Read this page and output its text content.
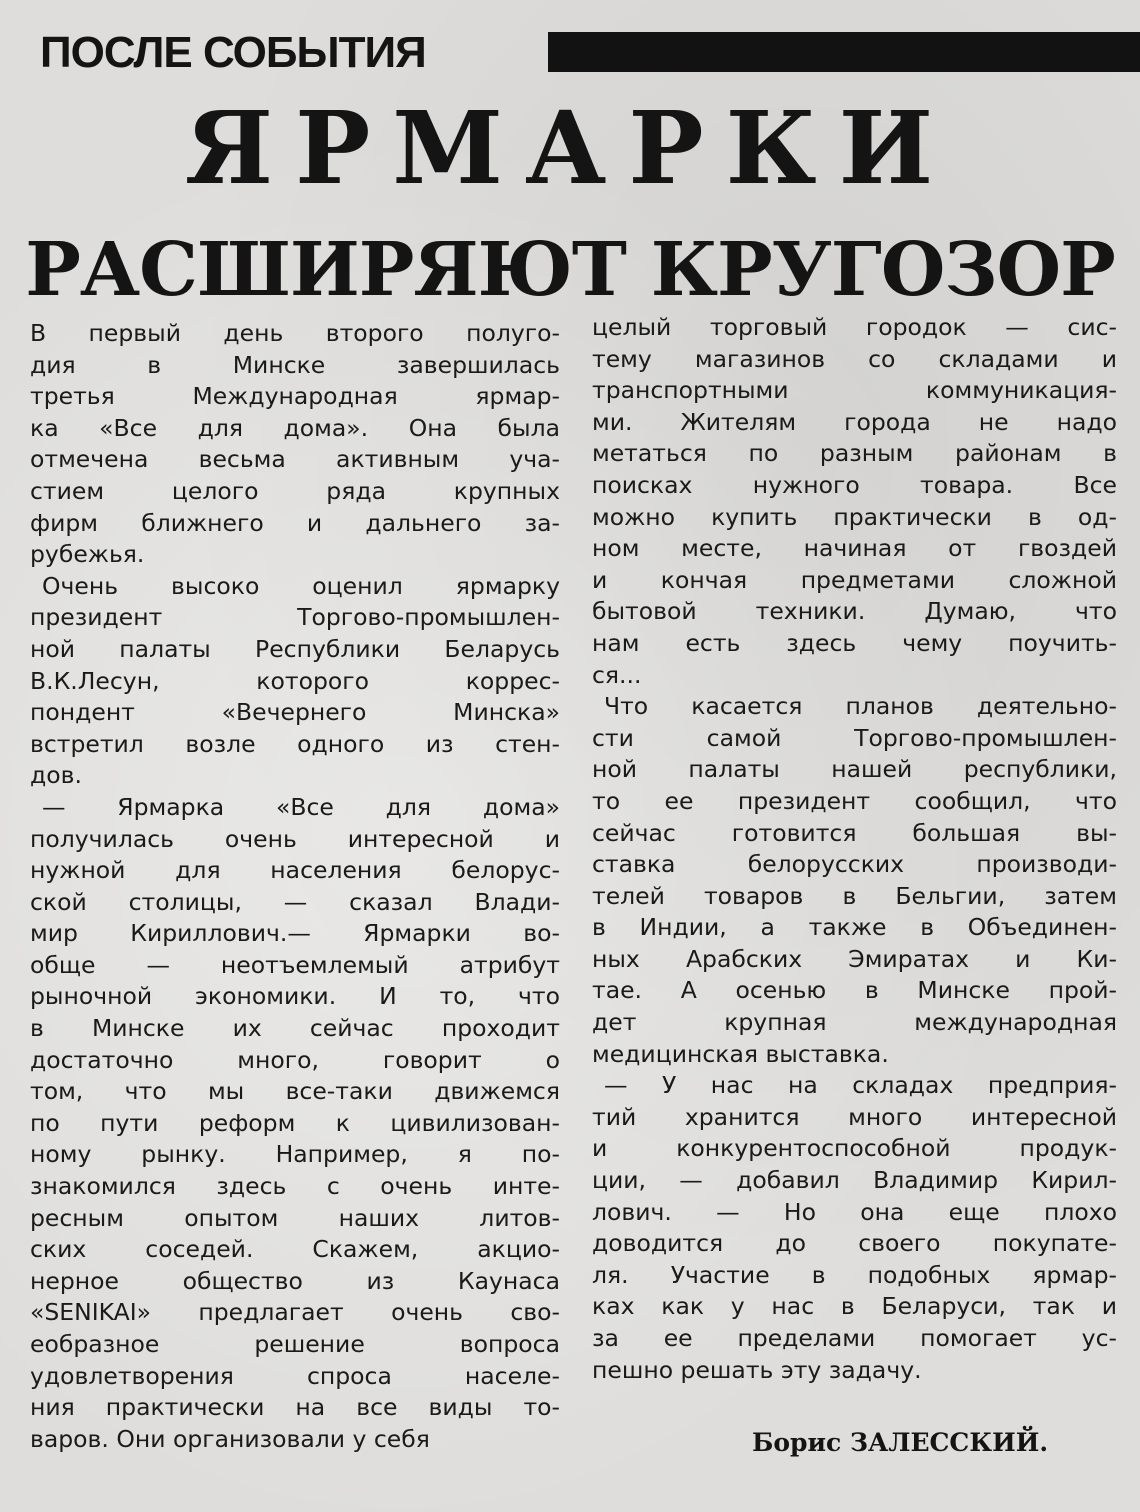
ПОСЛЕ СОБЫТИЯ
ЯРМАРКИ
РАСШИРЯЮТ КРУГОЗОР
В первый день второго полуго-
дия в Минске завершилась
третья Международная ярмар-
ка «Все для дома». Она была
отмечена весьма активным уча-
стием целого ряда крупных
фирм ближнего и дальнего за-
рубежья.
Очень высоко оценил ярмарку
президент Торгово-промышлен-
ной палаты Республики Беларусь
В.К.Лесун, которого коррес-
пондент «Вечернего Минска»
встретил возле одного из стен-
дов.
— Ярмарка «Все для дома»
получилась очень интересной и
нужной для населения белорус-
ской столицы, — сказал Влади-
мир Кириллович.— Ярмарки во-
обще — неотъемлемый атрибут
рыночной экономики. И то, что
в Минске их сейчас проходит
достаточно много, говорит о
том, что мы все-таки движемся
по пути реформ к цивилизован-
ному рынку. Например, я по-
знакомился здесь с очень инте-
ресным опытом наших литов-
ских соседей. Скажем, акцио-
нерное общество из Каунаса
«SENIKAI» предлагает очень сво-
еобразное решение вопроса
удовлетворения спроса населе-
ния практически на все виды то-
варов. Они организовали у себя
целый торговый городок — сис-
тему магазинов со складами и
транспортными коммуникация-
ми. Жителям города не надо
метаться по разным районам в
поисках нужного товара. Все
можно купить практически в од-
ном месте, начиная от гвоздей
и кончая предметами сложной
бытовой техники. Думаю, что
нам есть здесь чему поучить-
ся...
Что касается планов деятельно-
сти самой Торгово-промышлен-
ной палаты нашей республики,
то ее президент сообщил, что
сейчас готовится большая вы-
ставка белорусских производи-
телей товаров в Бельгии, затем
в Индии, а также в Объединен-
ных Арабских Эмиратах и Ки-
тае. А осенью в Минске прой-
дет крупная международная
медицинская выставка.
— У нас на складах предприя-
тий хранится много интересной
и конкурентоспособной продук-
ции, — добавил Владимир Кирил-
лович. — Но она еще плохо
доводится до своего покупате-
ля. Участие в подобных ярмар-
ках как у нас в Беларуси, так и
за ее пределами помогает ус-
пешно решать эту задачу.
Борис ЗАЛЕССКИЙ.
